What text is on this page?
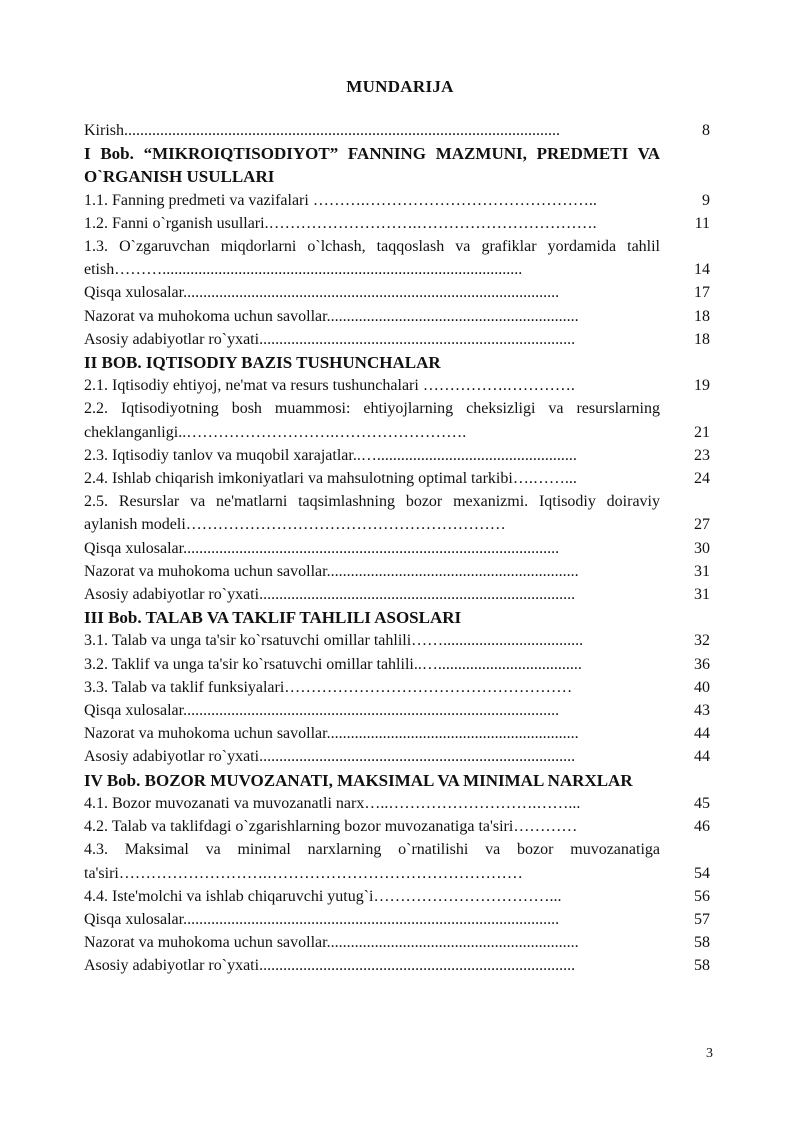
MUNDARIJA
Kirish.............................................................................................................	8
I Bob. “MIKROIQTISODIYOT” FANNING MAZMUNI, PREDMETI VA O`RGANISH USULLARI
1.1. Fanning predmeti va vazifalari ……….……………………………………..	9
1.2. Fanni o`rganish usullari.……………………….…………………………….	11
1.3. O`zgaruvchan miqdorlarni o`lchash, taqqoslash va grafiklar yordamida tahlil etish………..........................................................................................	14
Qisqa xulosalar..............................................................................................	17
Nazorat va muhokoma uchun savollar...............................................................	18
Asosiy adabiyotlar ro`yxati...............................................................................	18
II BOB. IQTISODIY BAZIS TUSHUNCHALAR
2.1. Iqtisodiy ehtiyoj, ne'mat va resurs tushunchalari …………….………….	19
2.2. Iqtisodiyotning bosh muammosi: ehtiyojlarning cheksizligi va resurslarning cheklanganligi..……………………….…………………….	21
2.3. Iqtisodiy tanlov va muqobil xarajatlar..…..................................................	23
2.4. Ishlab chiqarish imkoniyatlari va mahsulotning optimal tarkibi….……...	24
2.5. Resurslar va ne'matlarni taqsimlashning bozor mexanizmi. Iqtisodiy doiraviy aylanish modeli……………………………………………………	27
Qisqa xulosalar..............................................................................................	30
Nazorat va muhokoma uchun savollar...............................................................	31
Asosiy adabiyotlar ro`yxati...............................................................................	31
III Bob. TALAB VA TAKLIF TAHLILI ASOSLARI
3.1. Talab va unga ta'sir ko`rsatuvchi omillar tahlili……...................................	32
3.2. Taklif va unga ta'sir ko`rsatuvchi omillar tahlili..…....................................	36
3.3. Talab va taklif funksiyalari………………………………………………	40
Qisqa xulosalar..............................................................................................	43
Nazorat va muhokoma uchun savollar...............................................................	44
Asosiy adabiyotlar ro`yxati...............................................................................	44
IV Bob. BOZOR MUVOZANATI, MAKSIMAL VA MINIMAL NARXLAR
4.1. Bozor muvozanati va muvozanatli narx…..……………………….……...	45
4.2. Talab va taklifdagi o`zgarishlarning bozor muvozanatiga ta'siri…………	46
4.3. Maksimal va minimal narxlarning o`rnatilishi va bozor muvozanatiga ta'siri……………………….…………………………………………	54
4.4. Iste'molchi va ishlab chiqaruvchi yutug`i……………………………...	56
Qisqa xulosalar..............................................................................................	57
Nazorat va muhokoma uchun savollar...............................................................	58
Asosiy adabiyotlar ro`yxati...............................................................................	58
3
